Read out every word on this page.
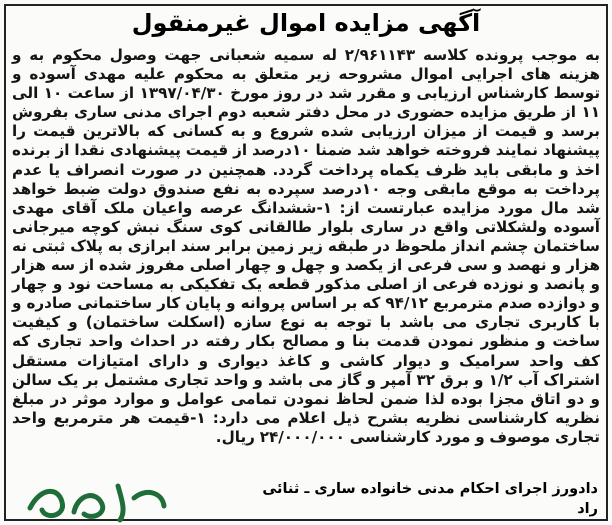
آگهی مزایده اموال غیرمنقول
به موجب پرونده کلاسه ۲/۹۶۱۱۴۳ له سمیه شعبانی جهت وصول محکوم به و هزینه های اجرایی اموال مشروحه زیر متعلق به محکوم علیه مهدی آسوده و توسط کارشناس ارزیابی و مقرر شد در روز مورخ ۱۳۹۷/۰۴/۳۰ از ساعت ۱۰ الی ۱۱ از طریق مزایده حضوری در محل دفتر شعبه دوم اجرای مدنی ساری بفروش برسد و قیمت از میزان ارزیابی شده شروع و به کسانی که بالاترین قیمت را پیشنهاد نمایند فروخته خواهد شد ضمنا ۱۰درصد از قیمت پیشنهادی نقدا از برنده اخذ و مابقی باید ظرف یکماه پرداخت گردد. همچنین در صورت انصراف یا عدم پرداخت به موقع مابقی وجه ۱۰درصد سپرده به نفع صندوق دولت ضبط خواهد شد مال مورد مزایده عبارتست از: ۱-ششدانگ عرصه واعیان ملک آقای مهدی آسوده ولشکلاتی واقع در ساری بلوار طالقانی کوی سنگ نبش کوچه میرجانی ساختمان چشم انداز ملحوظ در طبقه زیر زمین برابر سند ابرازی به پلاک ثبتی نه هزار و نهصد و سی فرعی از یکصد و چهل و چهار اصلی مفروز شده از سه هزار و پانصد و نوزده فرعی از اصلی مذکور قطعه یک تفکیکی به مساحت نود و چهار و دوازده صدم مترمربع ۹۴/۱۲ که بر اساس پروانه و پایان کار ساختمانی صادره و با کاربری تجاری می باشد با توجه به نوع سازه (اسکلت ساختمان) و کیفیت ساخت و منظور نمودن قدمت بنا و مصالح بکار رفته در احداث واحد تجاری که کف واحد سرامیک و دیوار کاشی و کاغذ دیواری و دارای امتیازات مستقل اشتراک آب ۱/۲ و برق ۳۲ آمپر و گاز می باشد و واحد تجاری مشتمل بر یک سالن و دو اتاق مجزا بوده لذا ضمن لحاظ نمودن تمامی عوامل و موارد موثر در مبلغ نظریه کارشناسی نظریه بشرح ذیل اعلام می دارد: ۱-قیمت هر مترمربع واحد تجاری موصوف و مورد کارشناسی ۲۴/۰۰۰/۰۰۰ ریال.
دادورز اجرای احکام مدنی خانواده ساری ـ ثنائی راد
